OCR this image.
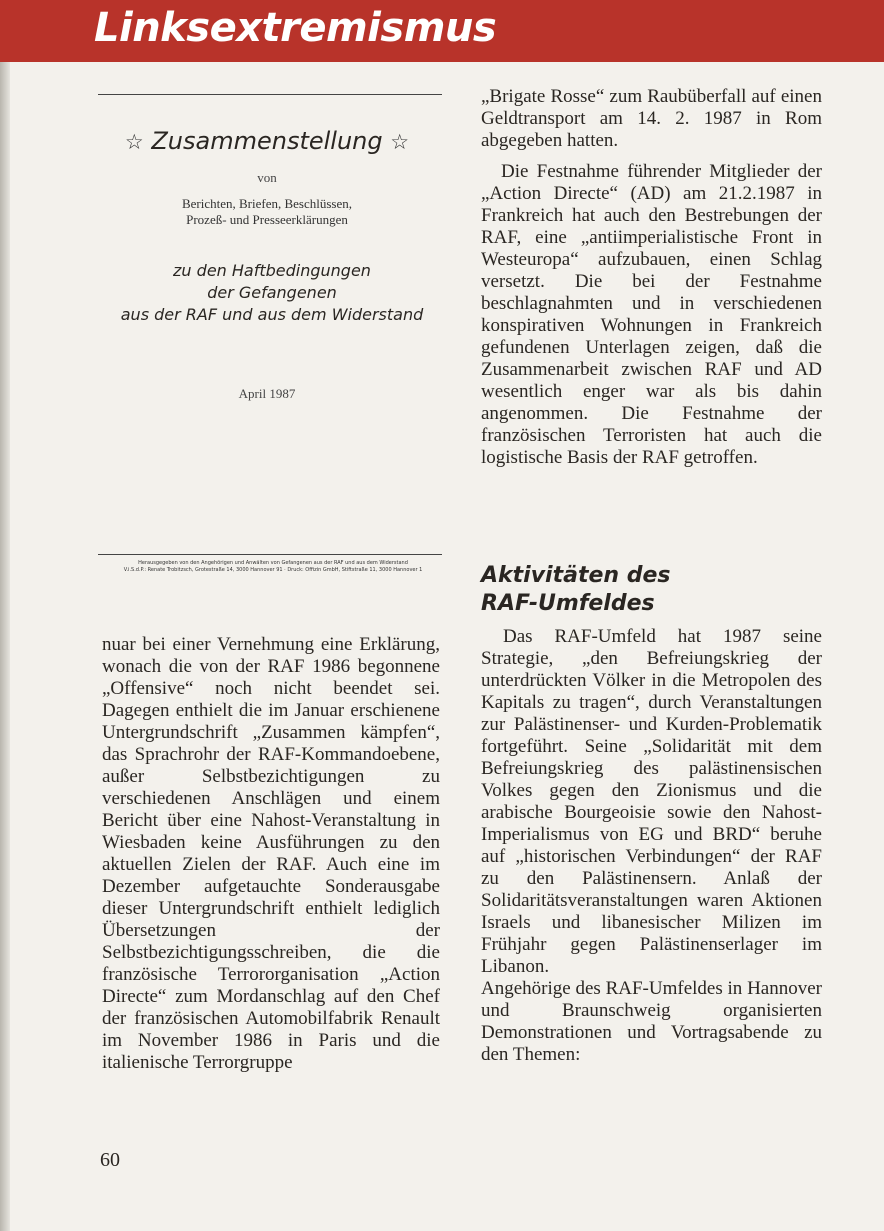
Linksextremismus
☆ Zusammenstellung ☆
von
Berichten, Briefen, Beschlüssen,
Prozeß- und Presseerklärungen
zu den Haftbedingungen
der Gefangenen
aus der RAF und aus dem Widerstand
April 1987
Herausgegeben von den Angehörigen und Anwälten von Gefangenen aus der RAF und aus dem Widerstand
V.i.S.d.P.: Renate Trobitzsch, Grotestraße 14, 3000 Hannover 91 · Druck: Offizin GmbH, Stiftstraße 11, 3000 Hannover 1

nuar bei einer Vernehmung eine Erklärung, wonach die von der RAF 1986 begonnene „Offensive“ noch nicht beendet sei. Dagegen enthielt die im Januar erschienene Untergrundschrift „Zusammen kämpfen“, das Sprachrohr der RAF-Kommandoebene, außer Selbstbezichtigungen zu verschiedenen Anschlägen und einem Bericht über eine Nahost-Veranstaltung in Wiesbaden keine Ausführungen zu den aktuellen Zielen der RAF. Auch eine im Dezember aufgetauchte Sonderausgabe dieser Untergrundschrift enthielt lediglich Übersetzungen der Selbstbezichtigungsschreiben, die die französische Terrororganisation „Action Directe“ zum Mordanschlag auf den Chef der französischen Automobilfabrik Renault im November 1986 in Paris und die italienische Terrorgruppe

„Brigate Rosse“ zum Raubüberfall auf einen Geldtransport am 14. 2. 1987 in Rom abgegeben hatten.

Die Festnahme führender Mitglieder der „Action Directe“ (AD) am 21.2.1987 in Frankreich hat auch den Bestrebungen der RAF, eine „antiimperialistische Front in Westeuropa“ aufzubauen, einen Schlag versetzt. Die bei der Festnahme beschlagnahmten und in verschiedenen konspirativen Wohnungen in Frankreich gefundenen Unterlagen zeigen, daß die Zusammenarbeit zwischen RAF und AD wesentlich enger war als bis dahin angenommen. Die Festnahme der französischen Terroristen hat auch die logistische Basis der RAF getroffen.

Aktivitäten des
RAF-Umfeldes

Das RAF-Umfeld hat 1987 seine Strategie, „den Befreiungskrieg der unterdrückten Völker in die Metropolen des Kapitals zu tragen“, durch Veranstaltungen zur Palästinenser- und Kurden-Problematik fortgeführt. Seine „Solidarität mit dem Befreiungskrieg des palästinensischen Volkes gegen den Zionismus und die arabische Bourgeoisie sowie den Nahost-Imperialismus von EG und BRD“ beruhe auf „historischen Verbindungen“ der RAF zu den Palästinensern. Anlaß der Solidaritätsveranstaltungen waren Aktionen Israels und libanesischer Milizen im Frühjahr gegen Palästinenserlager im Libanon.

Angehörige des RAF-Umfeldes in Hannover und Braunschweig organisierten Demonstrationen und Vortragsabende zu den Themen:

60
